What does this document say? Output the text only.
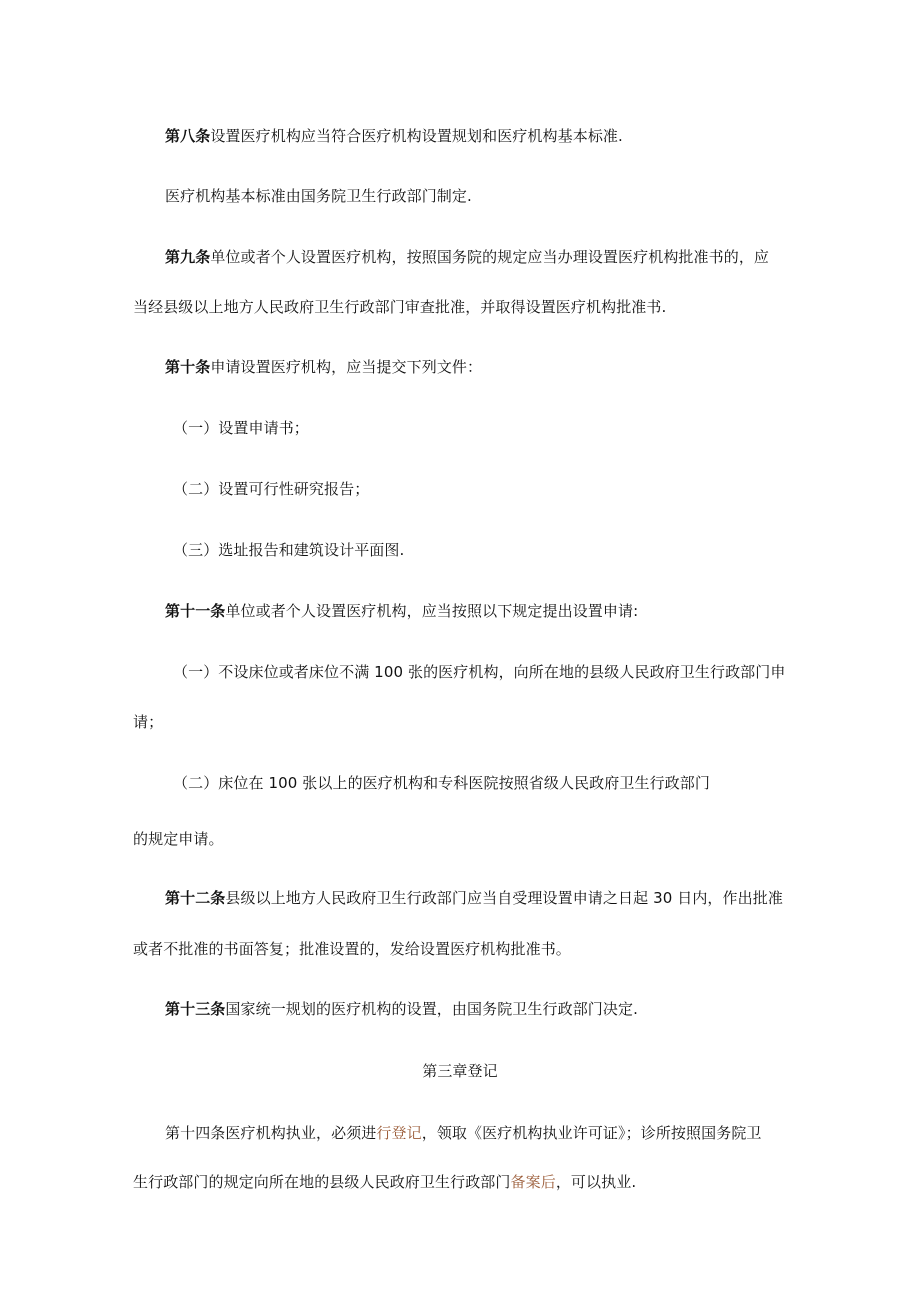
第八条设置医疗机构应当符合医疗机构设置规划和医疗机构基本标准.
医疗机构基本标准由国务院卫生行政部门制定.
第九条单位或者个人设置医疗机构，按照国务院的规定应当办理设置医疗机构批准书的，应
当经县级以上地方人民政府卫生行政部门审查批准，并取得设置医疗机构批准书.
第十条申请设置医疗机构，应当提交下列文件：
（一）设置申请书；
（二）设置可行性研究报告；
（三）选址报告和建筑设计平面图.
第十一条单位或者个人设置医疗机构，应当按照以下规定提出设置申请:
（一）不设床位或者床位不满 100 张的医疗机构，向所在地的县级人民政府卫生行政部门申
请；
（二）床位在 100 张以上的医疗机构和专科医院按照省级人民政府卫生行政部门
的规定申请。
第十二条县级以上地方人民政府卫生行政部门应当自受理设置申请之日起 30 日内，作出批准
或者不批准的书面答复；批准设置的，发给设置医疗机构批准书。
第十三条国家统一规划的医疗机构的设置，由国务院卫生行政部门决定.
第三章登记
第十四条医疗机构执业，必须进行登记，领取《医疗机构执业许可证》；诊所按照国务院卫
生行政部门的规定向所在地的县级人民政府卫生行政部门备案后，可以执业.
